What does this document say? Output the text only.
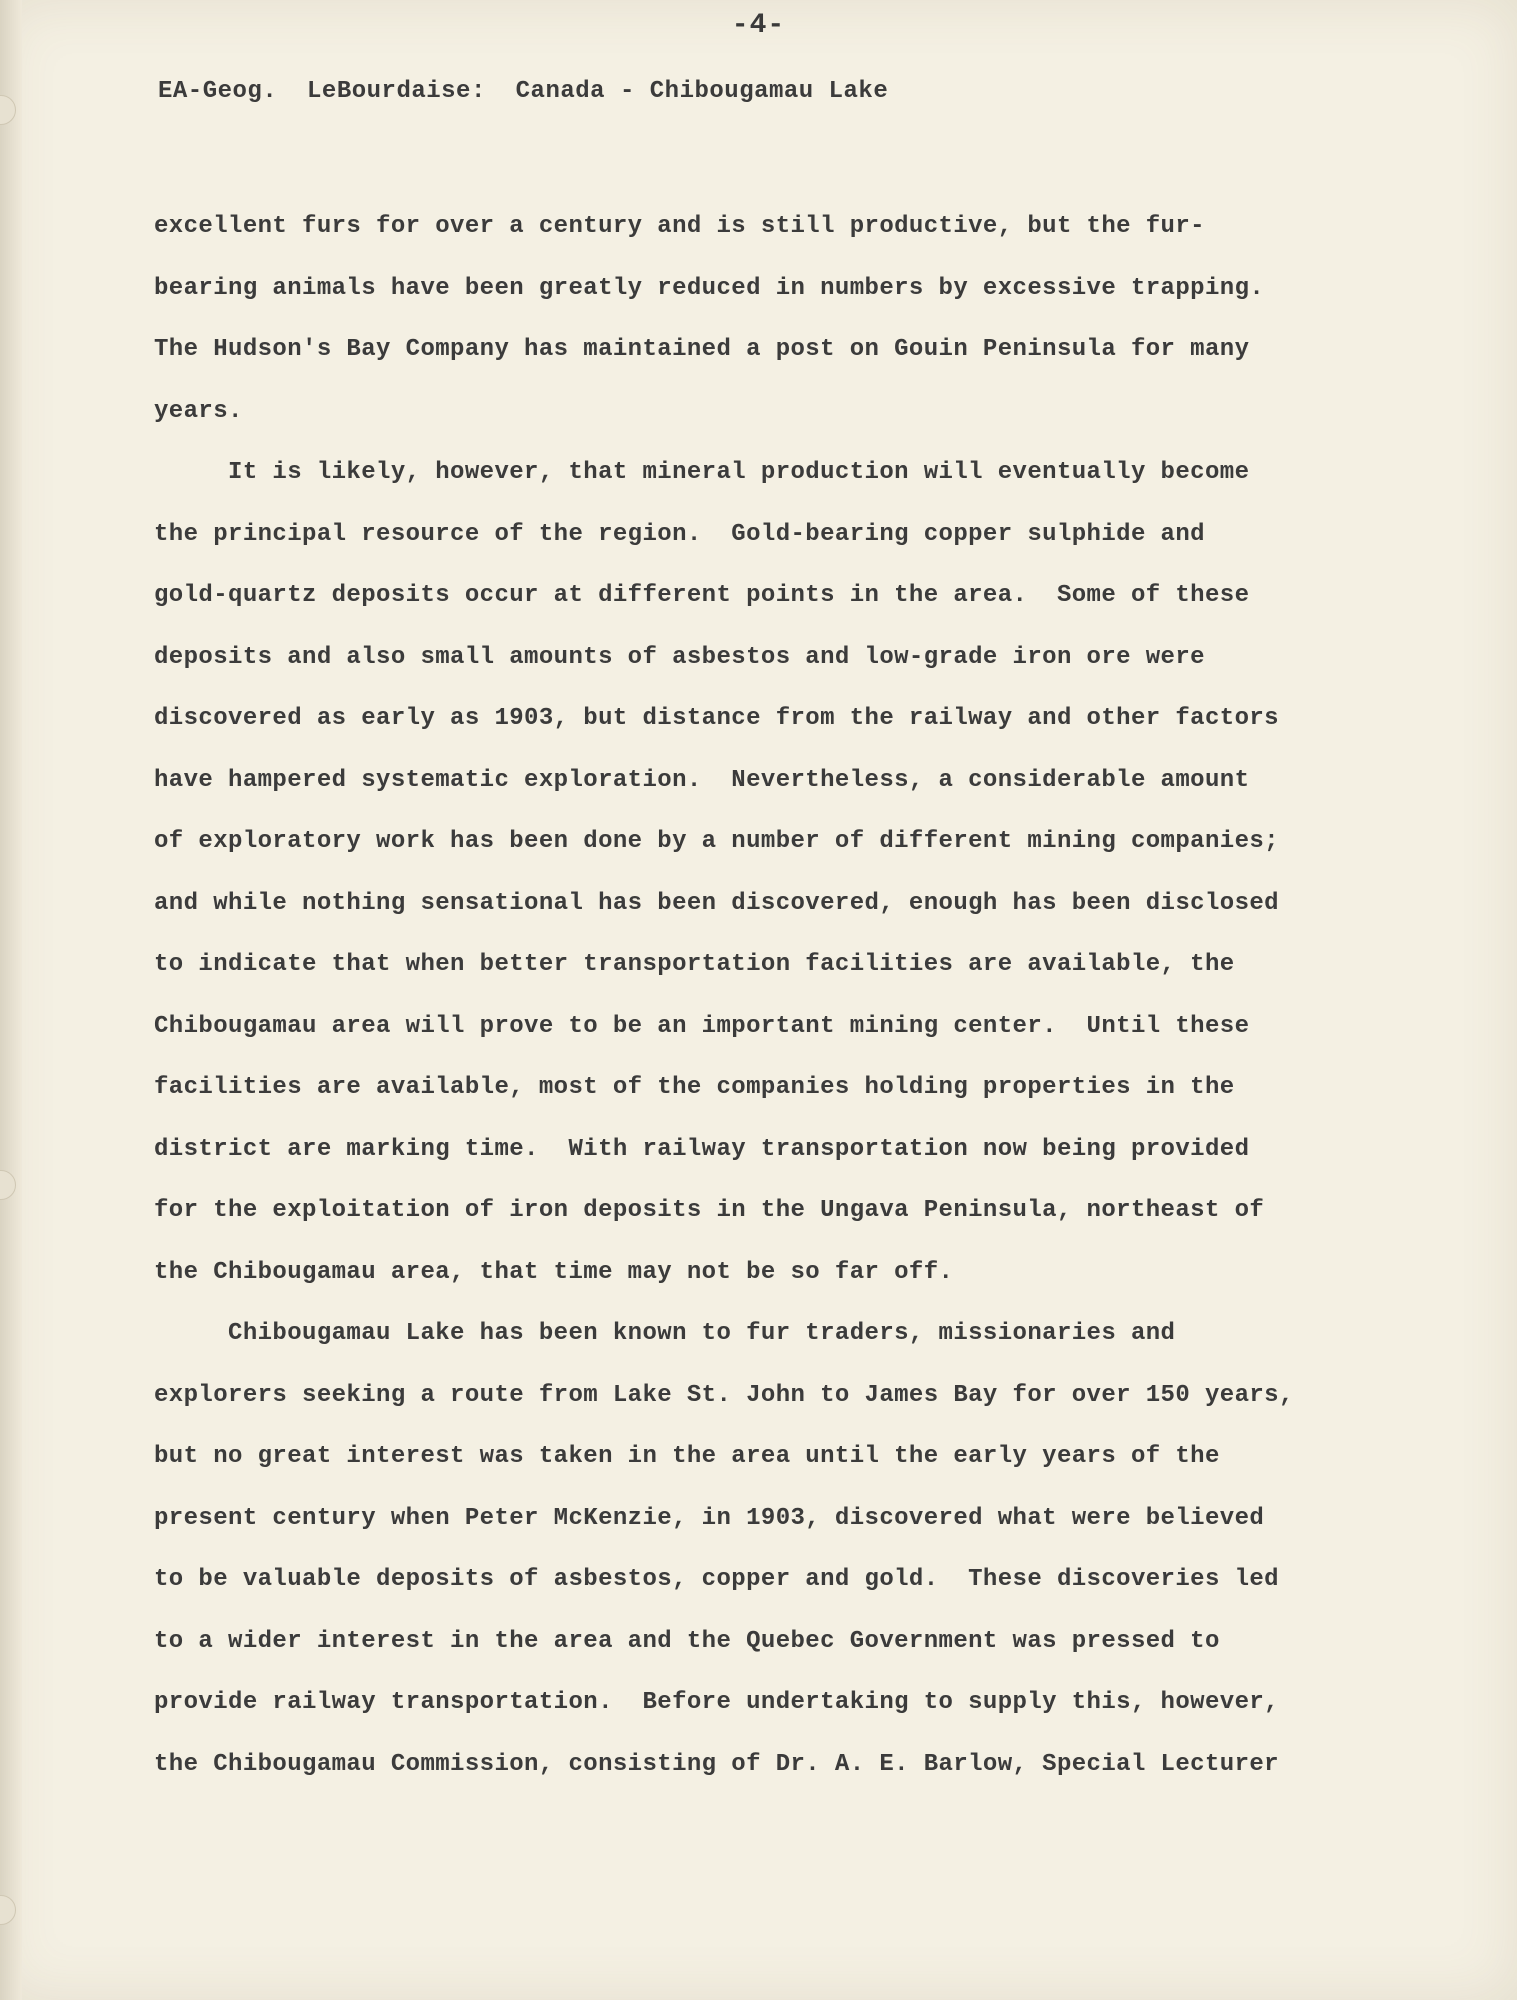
-4-
EA-Geog.  LeBourdaise:  Canada - Chibougamau Lake
excellent furs for over a century and is still productive, but the fur-
bearing animals have been greatly reduced in numbers by excessive trapping.
The Hudson's Bay Company has maintained a post on Gouin Peninsula for many
years.
It is likely, however, that mineral production will eventually become
the principal resource of the region.  Gold-bearing copper sulphide and
gold-quartz deposits occur at different points in the area.  Some of these
deposits and also small amounts of asbestos and low-grade iron ore were
discovered as early as 1903, but distance from the railway and other factors
have hampered systematic exploration.  Nevertheless, a considerable amount
of exploratory work has been done by a number of different mining companies;
and while nothing sensational has been discovered, enough has been disclosed
to indicate that when better transportation facilities are available, the
Chibougamau area will prove to be an important mining center.  Until these
facilities are available, most of the companies holding properties in the
district are marking time.  With railway transportation now being provided
for the exploitation of iron deposits in the Ungava Peninsula, northeast of
the Chibougamau area, that time may not be so far off.
Chibougamau Lake has been known to fur traders, missionaries and
explorers seeking a route from Lake St. John to James Bay for over 150 years,
but no great interest was taken in the area until the early years of the
present century when Peter McKenzie, in 1903, discovered what were believed
to be valuable deposits of asbestos, copper and gold.  These discoveries led
to a wider interest in the area and the Quebec Government was pressed to
provide railway transportation.  Before undertaking to supply this, however,
the Chibougamau Commission, consisting of Dr. A. E. Barlow, Special Lecturer
